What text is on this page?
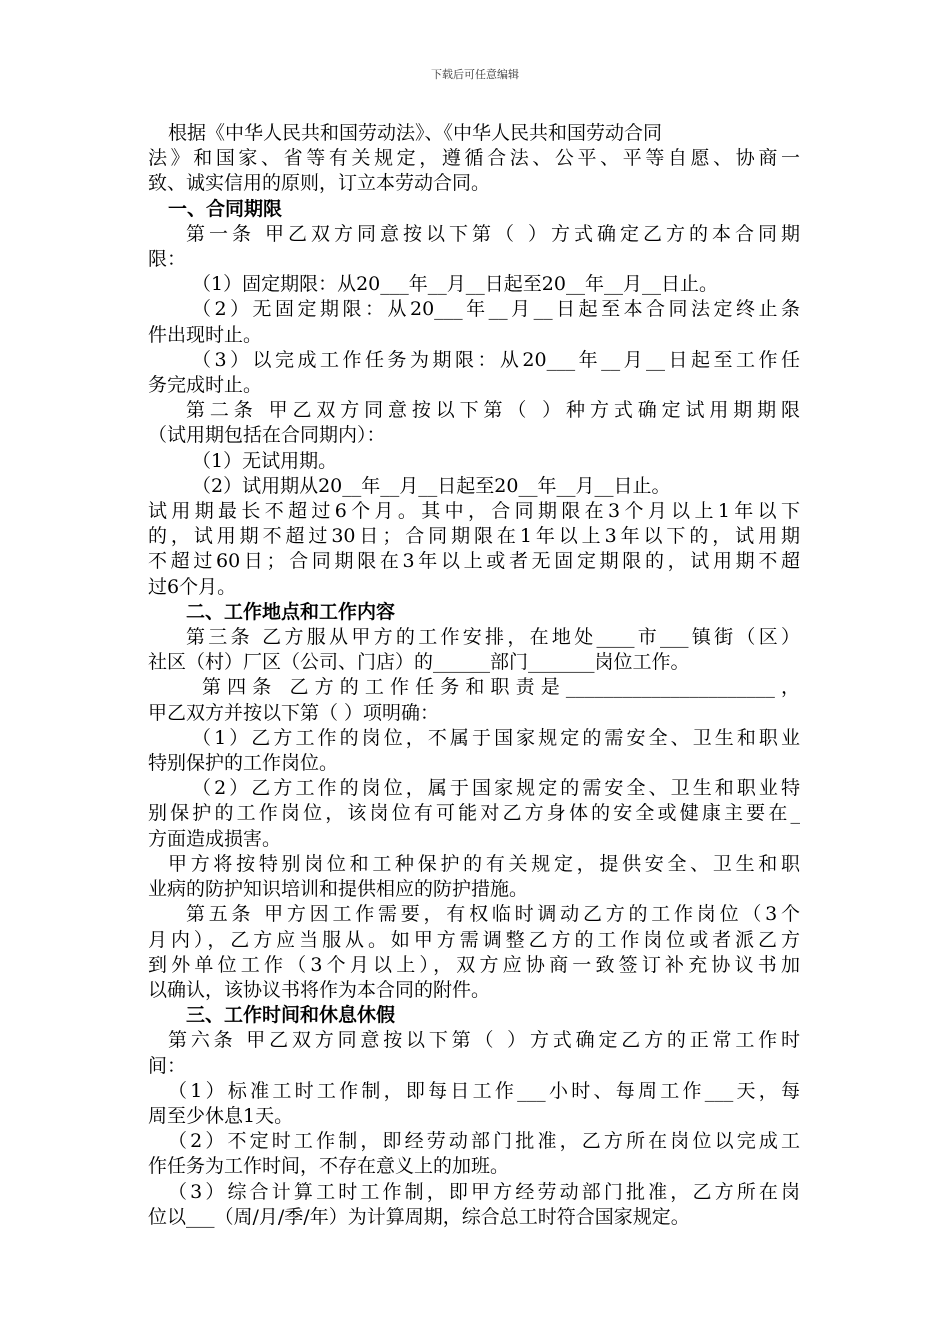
下载后可任意编辑
根据《中华人民共和国劳动法》、《中华人民共和国劳动合同
法》和国家、省等有关规定，遵循合法、公平、平等自愿、协商一
致、诚实信用的原则，订立本劳动合同。
一、合同期限
第一条 甲乙双方同意按以下第（ ）方式确定乙方的本合同期
限：
（1）固定期限：从20___年__月__日起至20__年__月__日止。
（2）无固定期限：从20___年__月__日起至本合同法定终止条
件出现时止。
（3）以完成工作任务为期限：从20___年__月__日起至工作任
务完成时止。
第二条 甲乙双方同意按以下第（ ）种方式确定试用期期限
（试用期包括在合同期内）：
（1）无试用期。
（2）试用期从20__年__月__日起至20__年__月__日止。
试用期最长不超过6个月。其中，合同期限在3个月以上1年以下
的，试用期不超过30日；合同期限在1年以上3年以下的，试用期
不超过60日；合同期限在3年以上或者无固定期限的，试用期不超
过6个月。
二、工作地点和工作内容
第三条 乙方服从甲方的工作安排，在地处____市___镇街（区）
社区（村）厂区（公司、门店）的______部门_______岗位工作。
第四条 乙方的工作任务和职责是______________________，
甲乙双方并按以下第（ ）项明确：
（1）乙方工作的岗位，不属于国家规定的需安全、卫生和职业
特别保护的工作岗位。
（2）乙方工作的岗位，属于国家规定的需安全、卫生和职业特
别保护的工作岗位，该岗位有可能对乙方身体的安全或健康主要在_
方面造成损害。
甲方将按特别岗位和工种保护的有关规定，提供安全、卫生和职
业病的防护知识培训和提供相应的防护措施。
第五条 甲方因工作需要，有权临时调动乙方的工作岗位（3个
月内），乙方应当服从。如甲方需调整乙方的工作岗位或者派乙方
到外单位工作（3个月以上），双方应协商一致签订补充协议书加
以确认，该协议书将作为本合同的附件。
三、工作时间和休息休假
第六条 甲乙双方同意按以下第（ ）方式确定乙方的正常工作时
间：
（1）标准工时工作制，即每日工作___小时、每周工作___天，每
周至少休息1天。
（2）不定时工作制，即经劳动部门批准，乙方所在岗位以完成工
作任务为工作时间，不存在意义上的加班。
（3）综合计算工时工作制，即甲方经劳动部门批准，乙方所在岗
位以___（周/月/季/年）为计算周期，综合总工时符合国家规定。
